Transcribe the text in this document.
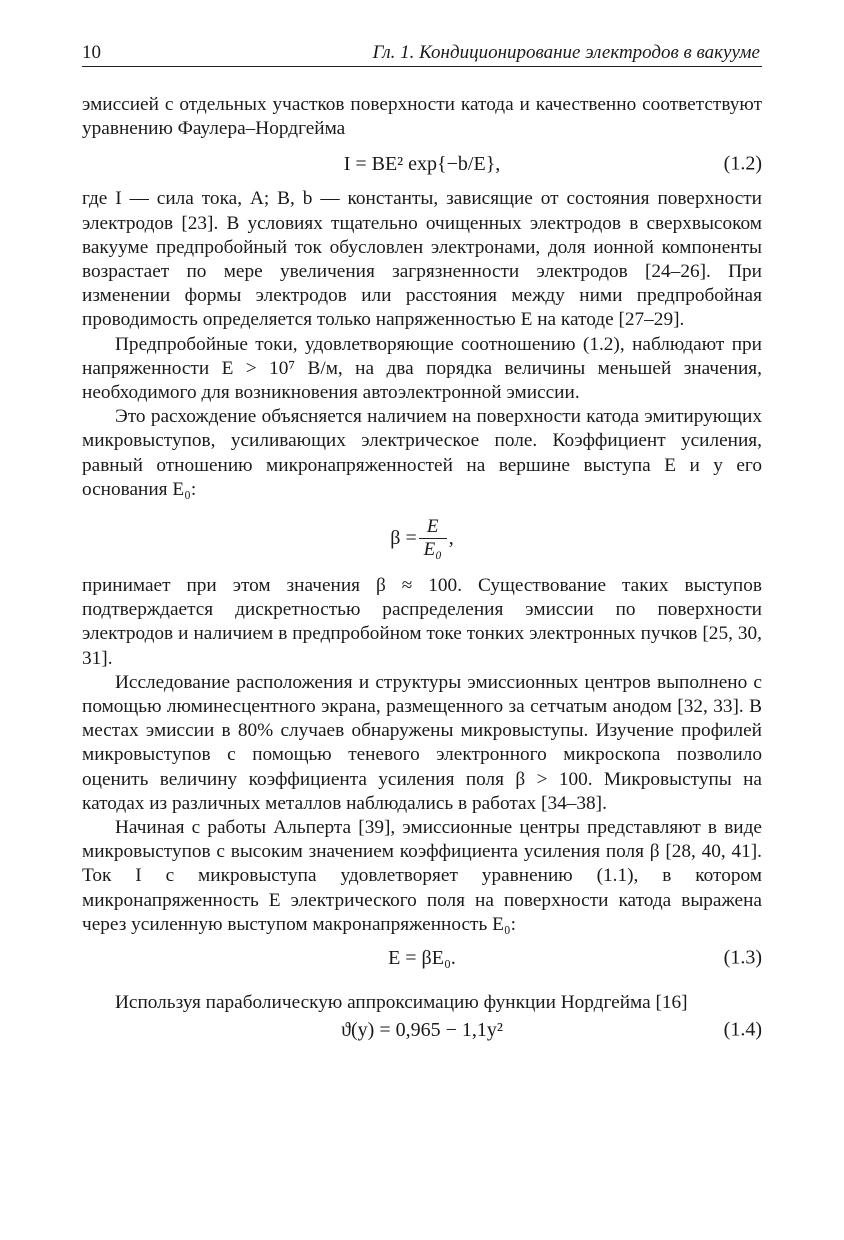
10	Гл. 1. Кондиционирование электродов в вакууме

эмиссией с отдельных участков поверхности катода и качественно соответствуют уравнению Фаулера–Нордгейма

I = BE² exp{−b/E},	(1.2)

где I — сила тока, А; B, b — константы, зависящие от состояния поверхности электродов [23]. В условиях тщательно очищенных электродов в сверхвысоком вакууме предпробойный ток обусловлен электронами, доля ионной компоненты возрастает по мере увеличения загрязненности электродов [24–26]. При изменении формы электродов или расстояния между ними предпробойная проводимость определяется только напряженностью E на катоде [27–29].

Предпробойные токи, удовлетворяющие соотношению (1.2), наблюдают при напряженности E > 10⁷ В/м, на два порядка величины меньшей значения, необходимого для возникновения автоэлектронной эмиссии.

Это расхождение объясняется наличием на поверхности катода эмитирующих микровыступов, усиливающих электрическое поле. Коэффициент усиления, равный отношению микронапряженностей на вершине выступа E и у его основания E₀:

$\beta = \frac{E}{\text{E₀}}$ ,

принимает при этом значения β ≈ 100. Существование таких выступов подтверждается дискретностью распределения эмиссии по поверхности электродов и наличием в предпробойном токе тонких электронных пучков [25, 30, 31].

Исследование расположения и структуры эмиссионных центров выполнено с помощью люминесцентного экрана, размещенного за сетчатым анодом [32, 33]. В местах эмиссии в 80% случаев обнаружены микровыступы. Изучение профилей микровыступов с помощью теневого электронного микроскопа позволило оценить величину коэффициента усиления поля β > 100. Микровыступы на катодах из различных металлов наблюдались в работах [34–38].

Начиная с работы Альперта [39], эмиссионные центры представляют в виде микровыступов с высоким значением коэффициента усиления поля β [28, 40, 41]. Ток I с микровыступа удовлетворяет уравнению (1.1), в котором микронапряженность E электрического поля на поверхности катода выражена через усиленную выступом макронапряженность E₀:

E = βE₀.	(1.3)

Используя параболическую аппроксимацию функции Нордгейма [16]

ϑ(y) = 0,965 − 1,1y²	(1.4)
